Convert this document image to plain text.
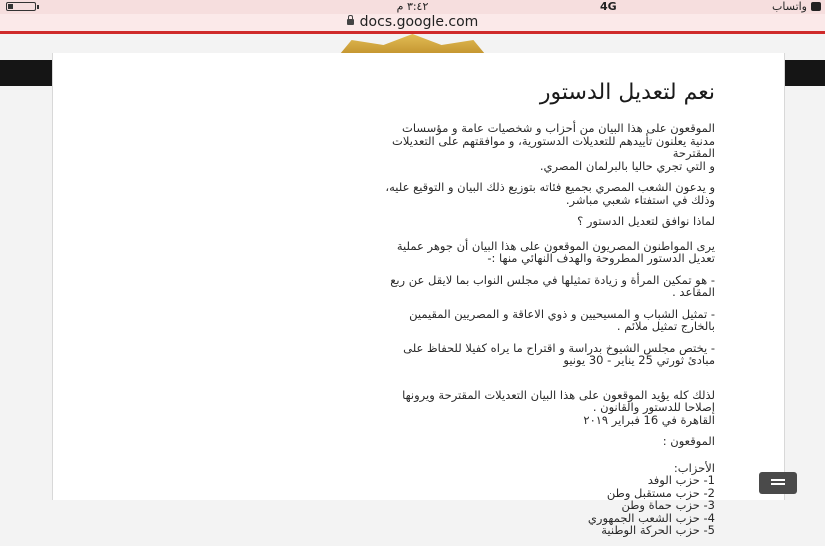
٣:٤٢ م	4G	واتساب
docs.google.com
نعم لتعديل الدستور

الموقعون على هذا البيان من أحزاب و شخصيات عامة و مؤسسات
مدنية يعلنون تأييدهم للتعديلات الدستورية، و موافقتهم على التعديلات
المقترحة
و التي تجري حاليا بالبرلمان المصري.

و يدعون الشعب المصري بجميع فئاته بتوزيع ذلك البيان و التوقيع عليه،
وذلك في استفتاء شعبي مباشر.

لماذا نوافق لتعديل الدستور ؟

يرى المواطنون المصريون الموقعون على هذا البيان أن جوهر عملية
تعديل الدستور المطروحة والهدف النهائي منها :-

- هو تمكين المرأة و زيادة تمثيلها في مجلس النواب بما لايقل عن ربع
المقاعد .

- تمثيل الشباب و المسيحيين و ذوي الاعاقة و المصريين المقيمين
بالخارج تمثيل ملائم .

- يختص مجلس الشيوخ بدراسة و اقتراح ما يراه كفيلا للحفاظ على
مبادئ ثورتي 25 يناير - 30 يونيو

لذلك كله يؤيد الموقعون على هذا البيان التعديلات المقترحة ويرونها
إصلاحا للدستور والقانون .
القاهرة في 16 فبراير ٢٠١٩

الموقعون :

الأحزاب:
1- حزب الوفد
2- حزب مستقبل وطن
3- حزب حماة وطن
4- حزب الشعب الجمهوري
5- حزب الحركة الوطنية
